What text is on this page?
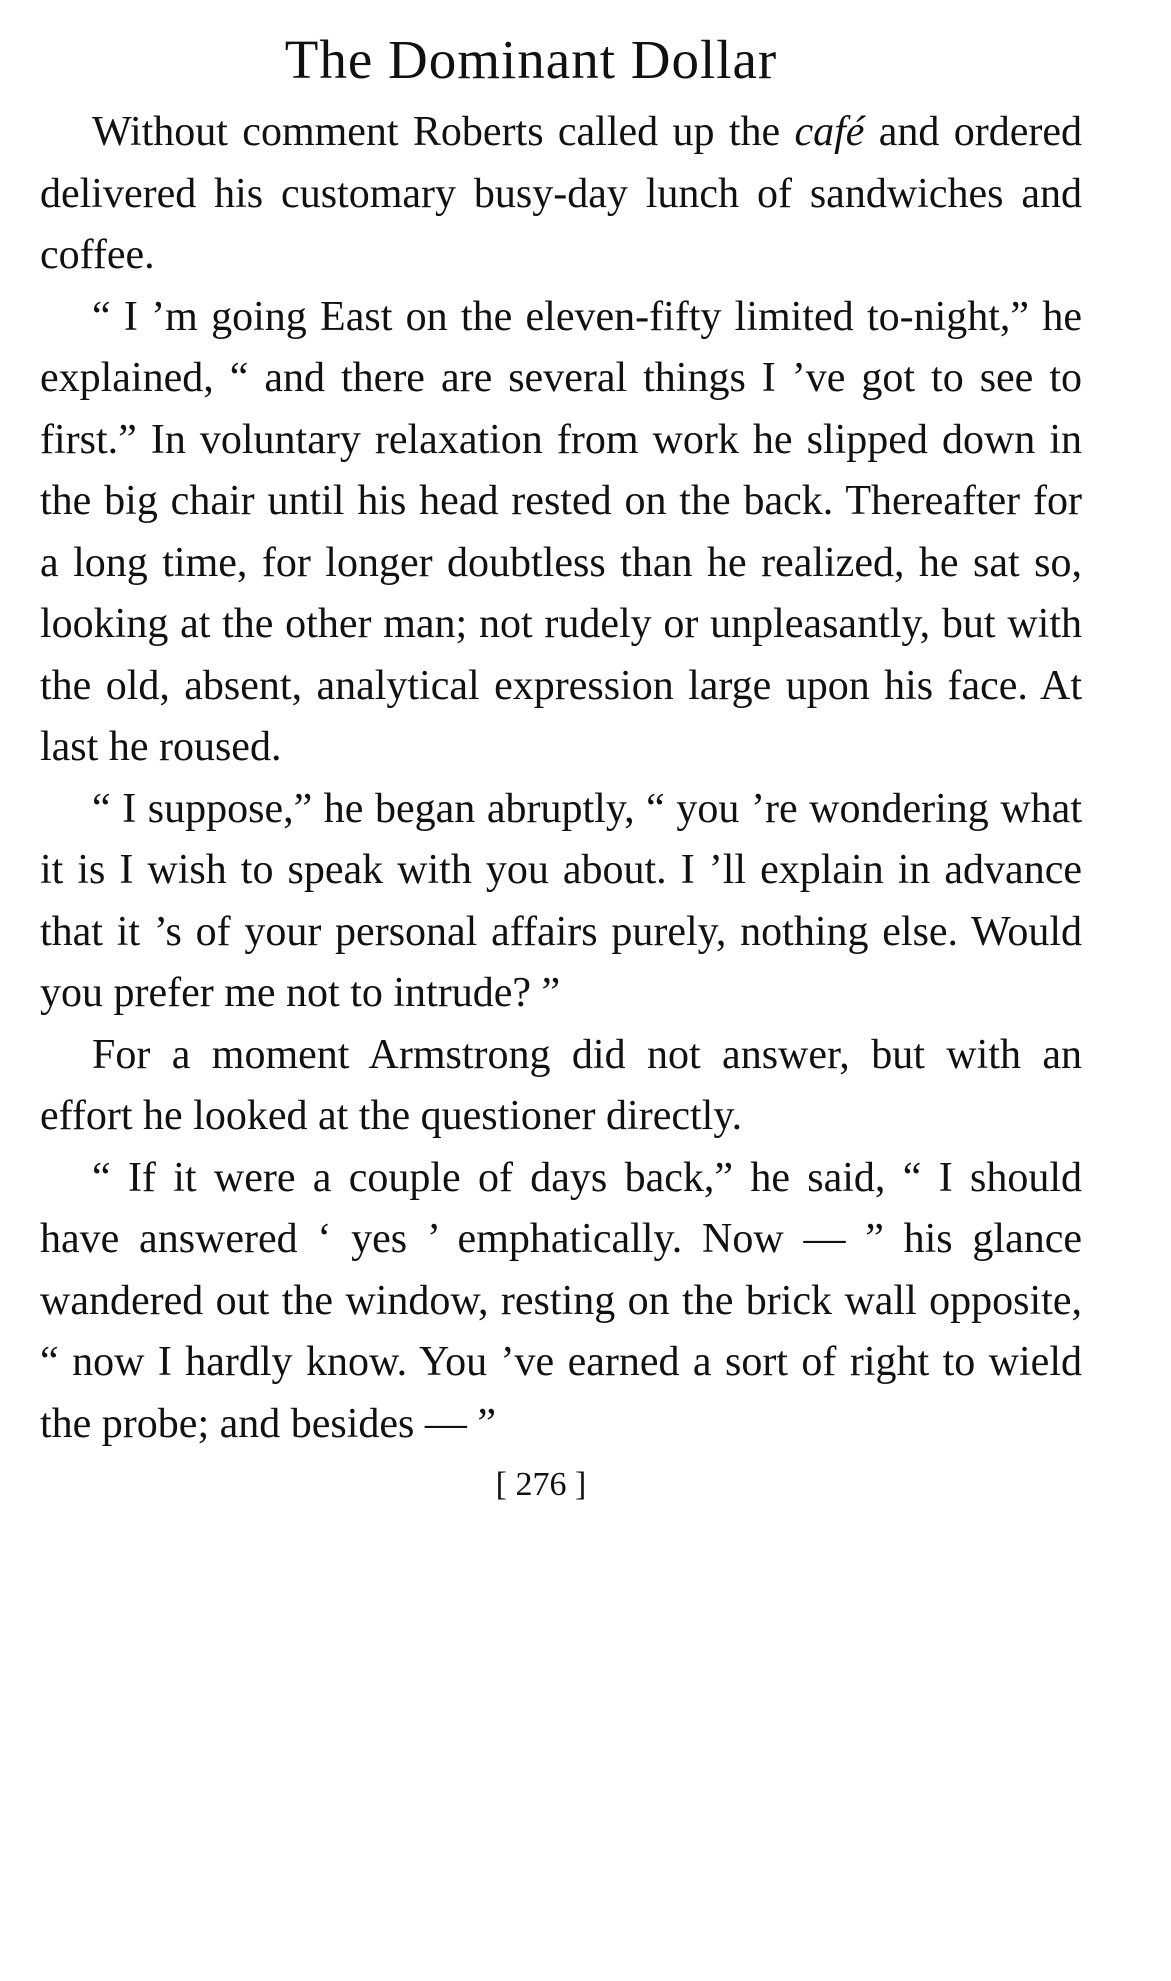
The Dominant Dollar

Without comment Roberts called up the café and ordered delivered his customary busy-day lunch of sandwiches and coffee.

“ I ’m going East on the eleven-fifty limited to-night,” he explained, “ and there are several things I ’ve got to see to first.” In voluntary relaxation from work he slipped down in the big chair until his head rested on the back. Thereafter for a long time, for longer doubtless than he realized, he sat so, looking at the other man; not rudely or unpleasantly, but with the old, absent, analytical expression large upon his face. At last he roused.

“ I suppose,” he began abruptly, “ you ’re wondering what it is I wish to speak with you about. I ’ll explain in advance that it ’s of your personal affairs purely, nothing else. Would you prefer me not to intrude? ”

For a moment Armstrong did not answer, but with an effort he looked at the questioner directly.

“ If it were a couple of days back,” he said, “ I should have answered ‘ yes ’ emphatically. Now — ” his glance wandered out the window, resting on the brick wall opposite, “ now I hardly know. You ’ve earned a sort of right to wield the probe; and besides — ”

[ 276 ]
